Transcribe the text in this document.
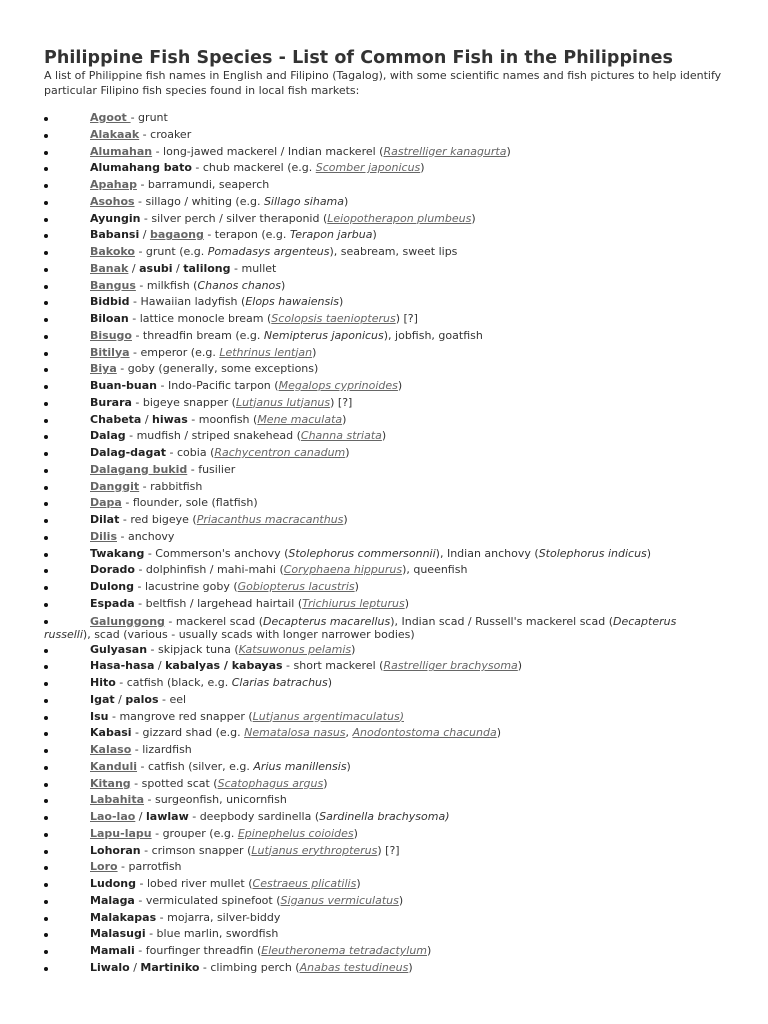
Philippine Fish Species - List of Common Fish in the Philippines

A list of Philippine fish names in English and Filipino (Tagalog), with some scientific names and fish pictures to help identify particular Filipino fish species found in local fish markets:

Agoot - grunt
Alakaak - croaker
Alumahan - long-jawed mackerel / Indian mackerel (Rastrelliger kanagurta)
Alumahang bato - chub mackerel (e.g. Scomber japonicus)
Apahap - barramundi, seaperch
Asohos - sillago / whiting (e.g. Sillago sihama)
Ayungin - silver perch / silver theraponid (Leiopotherapon plumbeus)
Babansi / bagaong - terapon (e.g. Terapon jarbua)
Bakoko - grunt (e.g. Pomadasys argenteus), seabream, sweet lips
Banak / asubi / talilong - mullet
Bangus - milkfish (Chanos chanos)
Bidbid - Hawaiian ladyfish (Elops hawaiensis)
Biloan - lattice monocle bream (Scolopsis taeniopterus) [?]
Bisugo - threadfin bream (e.g. Nemipterus japonicus), jobfish, goatfish
Bitilya - emperor (e.g. Lethrinus lentjan)
Biya - goby (generally, some exceptions)
Buan-buan - Indo-Pacific tarpon (Megalops cyprinoides)
Burara - bigeye snapper (Lutjanus lutjanus) [?]
Chabeta / hiwas - moonfish (Mene maculata)
Dalag - mudfish / striped snakehead (Channa striata)
Dalag-dagat - cobia (Rachycentron canadum)
Dalagang bukid - fusilier
Danggit - rabbitfish
Dapa - flounder, sole (flatfish)
Dilat - red bigeye (Priacanthus macracanthus)
Dilis - anchovy
Twakang - Commerson's anchovy (Stolephorus commersonnii), Indian anchovy (Stolephorus indicus)
Dorado - dolphinfish / mahi-mahi (Coryphaena hippurus), queenfish
Dulong - lacustrine goby (Gobiopterus lacustris)
Espada - beltfish / largehead hairtail (Trichiurus lepturus)
Galunggong - mackerel scad (Decapterus macarellus), Indian scad / Russell's mackerel scad (Decapterus russelli), scad (various - usually scads with longer narrower bodies)
Gulyasan - skipjack tuna (Katsuwonus pelamis)
Hasa-hasa / kabalyas / kabayas - short mackerel (Rastrelliger brachysoma)
Hito - catfish (black, e.g. Clarias batrachus)
Igat / palos - eel
Isu - mangrove red snapper (Lutjanus argentimaculatus)
Kabasi - gizzard shad (e.g. Nematalosa nasus, Anodontostoma chacunda)
Kalaso - lizardfish
Kanduli - catfish (silver, e.g. Arius manillensis)
Kitang - spotted scat (Scatophagus argus)
Labahita - surgeonfish, unicornfish
Lao-lao / lawlaw - deepbody sardinella (Sardinella brachysoma)
Lapu-lapu - grouper (e.g. Epinephelus coioides)
Lohoran - crimson snapper (Lutjanus erythropterus) [?]
Loro - parrotfish
Ludong - lobed river mullet (Cestraeus plicatilis)
Malaga - vermiculated spinefoot (Siganus vermiculatus)
Malakapas - mojarra, silver-biddy
Malasugi - blue marlin, swordfish
Mamali - fourfinger threadfin (Eleutheronema tetradactylum)
Liwalo / Martiniko - climbing perch (Anabas testudineus)
